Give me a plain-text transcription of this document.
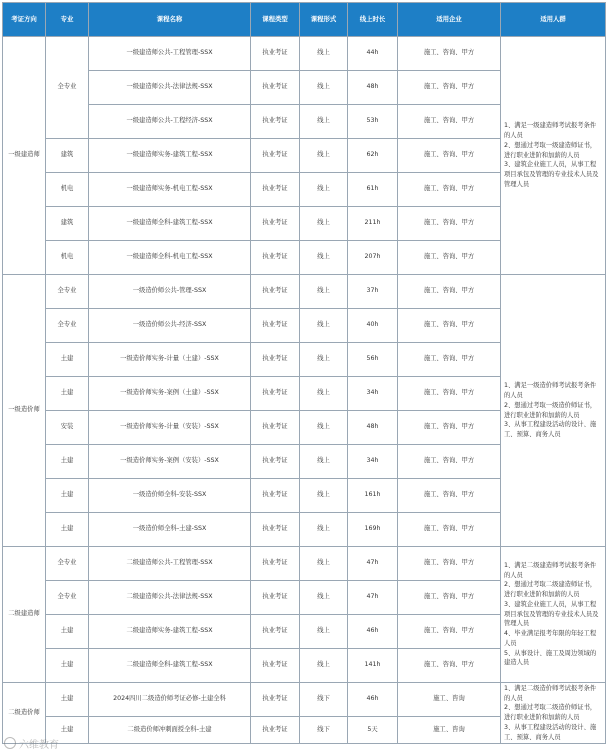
考证方向	专业	课程名称	课程类型	课程形式	线上时长	适用企业	适用人群
一级建造师	全专业	一级建造师公共-工程管理-SSX	执业考证	线上	44h	施工、咨询、甲方	1、满足一级建造师考试报考条件的人员
2、想通过考取一级建造师证书，进行职业进阶和加薪的人员
3、建筑企业施工人员，从事工程项目承包及管理的专业技术人员及管理人员

		一级建造师公共-法律法规-SSX	执业考证	线上	48h	施工、咨询、甲方	
		一级建造师公共-工程经济-SSX	执业考证	线上	53h	施工、咨询、甲方	
	建筑	一级建造师实务-建筑工程-SSX	执业考证	线上	62h	施工、咨询、甲方	
	机电	一级建造师实务-机电工程-SSX	执业考证	线上	61h	施工、咨询、甲方	
	建筑	一级建造师全科-建筑工程-SSX	执业考证	线上	211h	施工、咨询、甲方	
	机电	一级建造师全科-机电工程-SSX	执业考证	线上	207h	施工、咨询、甲方	
一级造价师	全专业	一级造价师公共-管理-SSX	执业考证	线上	37h	施工、咨询、甲方	1、满足一级造价师考试报考条件的人员
2、想通过考取一级造价师证书，进行职业进阶和加薪的人员
3、从事工程建设活动的设计、施工、预算、商务人员

	全专业	一级造价师公共-经济-SSX	执业考证	线上	40h	施工、咨询、甲方	
	土建	一级造价师实务-计量（土建）-SSX	执业考证	线上	56h	施工、咨询、甲方	
	土建	一级造价师实务-案例（土建）-SSX	执业考证	线上	34h	施工、咨询、甲方	
	安装	一级造价师实务-计量（安装）-SSX	执业考证	线上	48h	施工、咨询、甲方	
	土建	一级造价师实务-案例（安装）-SSX	执业考证	线上	34h	施工、咨询、甲方	
	土建	一级造价师全科-安装-SSX	执业考证	线上	161h	施工、咨询、甲方	
	土建	一级造价师全科-土建-SSX	执业考证	线上	169h	施工、咨询、甲方	
二级建造师	全专业	二级建造师公共-工程管理-SSX	执业考证	线上	47h	施工、咨询、甲方	1、满足二级建造师考试报考条件的人员
2、想通过考取二级建造师证书，进行职业进阶和加薪的人员
3、建筑企业施工人员，从事工程项目承包及管理的专业技术人员及管理人员
4、毕业满足报考年限的年轻工程人员
5、从事设计、施工及周边领域的建造人员

	全专业	二级建造师公共-法律法规-SSX	执业考证	线上	47h	施工、咨询、甲方	
	土建	二级建造师实务-建筑工程-SSX	执业考证	线上	46h	施工、咨询、甲方	
	土建	二级建造师全科-建筑工程-SSX	执业考证	线上	141h	施工、咨询、甲方	
二级造价师	土建	2024四川二级造价师考证必修-土建全科	执业考证	线下	46h	施工、咨询	1、满足二级造价师考试报考条件的人员
2、想通过考取二级造价师证书，进行职业进阶和加薪的人员
3、从事工程建设活动的设计、施工、预算、商务人员

	土建	二级造价师冲刺面授全科-土建	执业考证	线下	5天	施工、咨询	
六维教育
